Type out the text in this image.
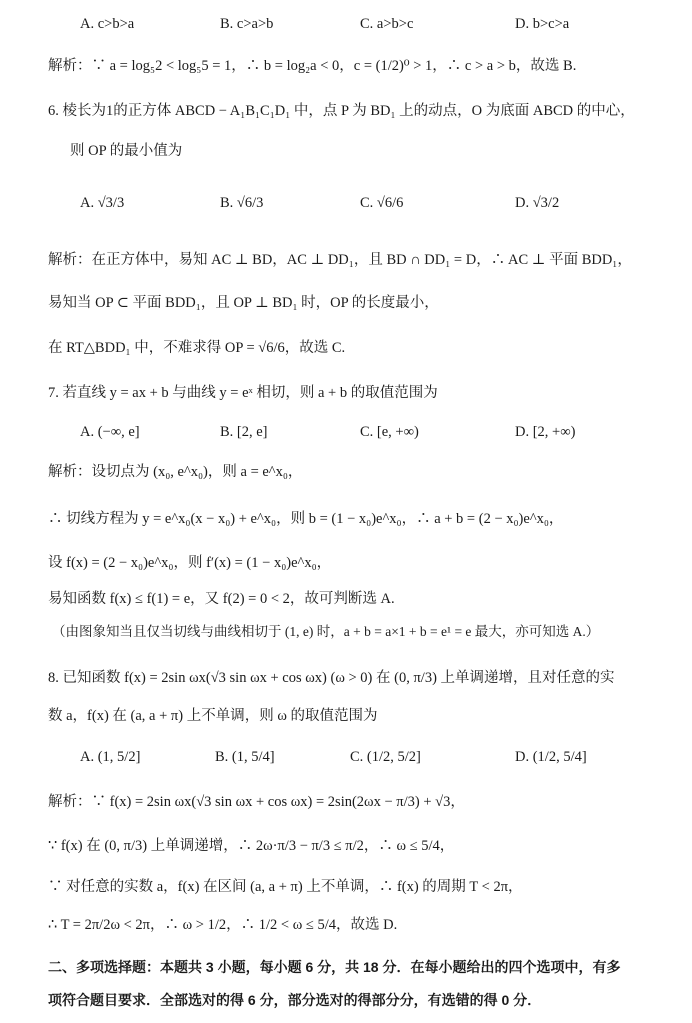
A. c>b>a	B. c>a>b	C. a>b>c	D. b>c>a
解析：∵ a = log₅2 < log₅5 = 1，∴ b = log₂a < 0，c = (1/2)⁰ > 1，∴ c > a > b，故选 B.
6. 棱长为1的正方体 ABCD − A₁B₁C₁D₁ 中，点 P 为 BD₁ 上的动点，O 为底面 ABCD 的中心，
则 OP 的最小值为
A. √3/3	B. √6/3	C. √6/6	D. √3/2
解析：在正方体中，易知 AC ⊥ BD，AC ⊥ DD₁，且 BD ∩ DD₁ = D，∴ AC ⊥ 平面 BDD₁，
易知当 OP ⊂ 平面 BDD₁，且 OP ⊥ BD₁ 时，OP 的长度最小，
在 RT△BDD₁ 中，不难求得 OP = √6/6，故选 C.
7. 若直线 y = ax + b 与曲线 y = eˣ 相切，则 a + b 的取值范围为
A. (−∞, e]	B. [2, e]	C. [e, +∞)	D. [2, +∞)
解析：设切点为 (x₀, e^x₀)，则 a = e^x₀，
∴ 切线方程为 y = e^x₀(x − x₀) + e^x₀，则 b = (1 − x₀)e^x₀，∴ a + b = (2 − x₀)e^x₀，
设 f(x) = (2 − x₀)e^x₀，则 f′(x) = (1 − x₀)e^x₀，
易知函数 f(x) ≤ f(1) = e，又 f(2) = 0 < 2，故可判断选 A.
（由图象知当且仅当切线与曲线相切于 (1, e) 时，a + b = a×1 + b = e¹ = e 最大，亦可知选 A.）
8. 已知函数 f(x) = 2sin ωx(√3 sin ωx + cos ωx) (ω > 0) 在 (0, π/3) 上单调递增，且对任意的实
数 a，f(x) 在 (a, a + π) 上不单调，则 ω 的取值范围为
A. (1, 5/2]	B. (1, 5/4]	C. (1/2, 5/2]	D. (1/2, 5/4]
解析：∵ f(x) = 2sin ωx(√3 sin ωx + cos ωx) = 2sin(2ωx − π/3) + √3，
∵ f(x) 在 (0, π/3) 上单调递增，∴ 2ω·π/3 − π/3 ≤ π/2，∴ ω ≤ 5/4，
∵ 对任意的实数 a，f(x) 在区间 (a, a + π) 上不单调，∴ f(x) 的周期 T < 2π，
∴ T = 2π/2ω < 2π，∴ ω > 1/2，∴ 1/2 < ω ≤ 5/4，故选 D.
二、多项选择题：本题共 3 小题，每小题 6 分，共 18 分．在每小题给出的四个选项中，有多
项符合题目要求．全部选对的得 6 分，部分选对的得部分分，有选错的得 0 分．
